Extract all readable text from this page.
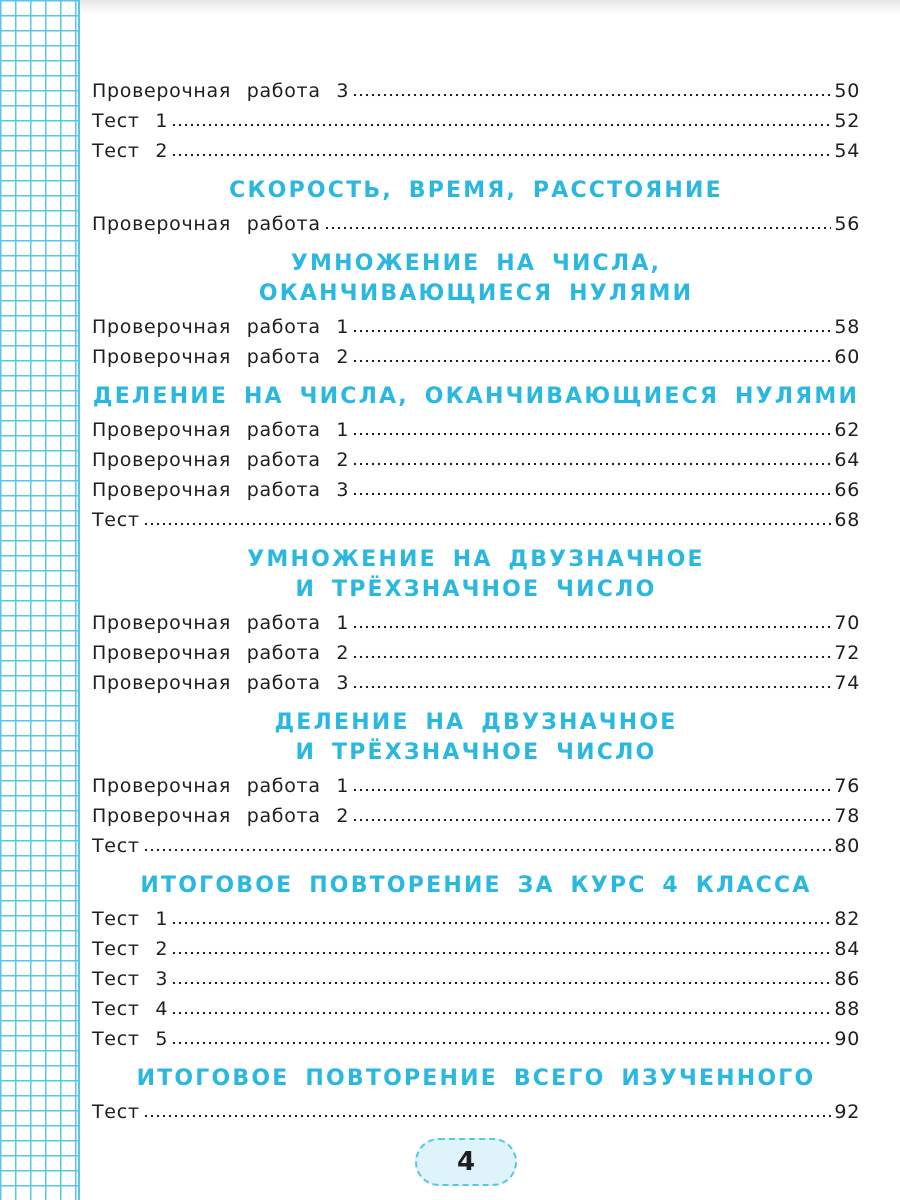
Проверочная работа 3	50
Тест 1	52
Тест 2	54
СКОРОСТЬ, ВРЕМЯ, РАССТОЯНИЕ
Проверочная работа	56
УМНОЖЕНИЕ НА ЧИСЛА,
ОКАНЧИВАЮЩИЕСЯ НУЛЯМИ
Проверочная работа 1	58
Проверочная работа 2	60
ДЕЛЕНИЕ НА ЧИСЛА, ОКАНЧИВАЮЩИЕСЯ НУЛЯМИ
Проверочная работа 1	62
Проверочная работа 2	64
Проверочная работа 3	66
Тест	68
УМНОЖЕНИЕ НА ДВУЗНАЧНОЕ
И ТРЁХЗНАЧНОЕ ЧИСЛО
Проверочная работа 1	70
Проверочная работа 2	72
Проверочная работа 3	74
ДЕЛЕНИЕ НА ДВУЗНАЧНОЕ
И ТРЁХЗНАЧНОЕ ЧИСЛО
Проверочная работа 1	76
Проверочная работа 2	78
Тест	80
ИТОГОВОЕ ПОВТОРЕНИЕ ЗА КУРС 4 КЛАССА
Тест 1	82
Тест 2	84
Тест 3	86
Тест 4	88
Тест 5	90
ИТОГОВОЕ ПОВТОРЕНИЕ ВСЕГО ИЗУЧЕННОГО
Тест	92
4
